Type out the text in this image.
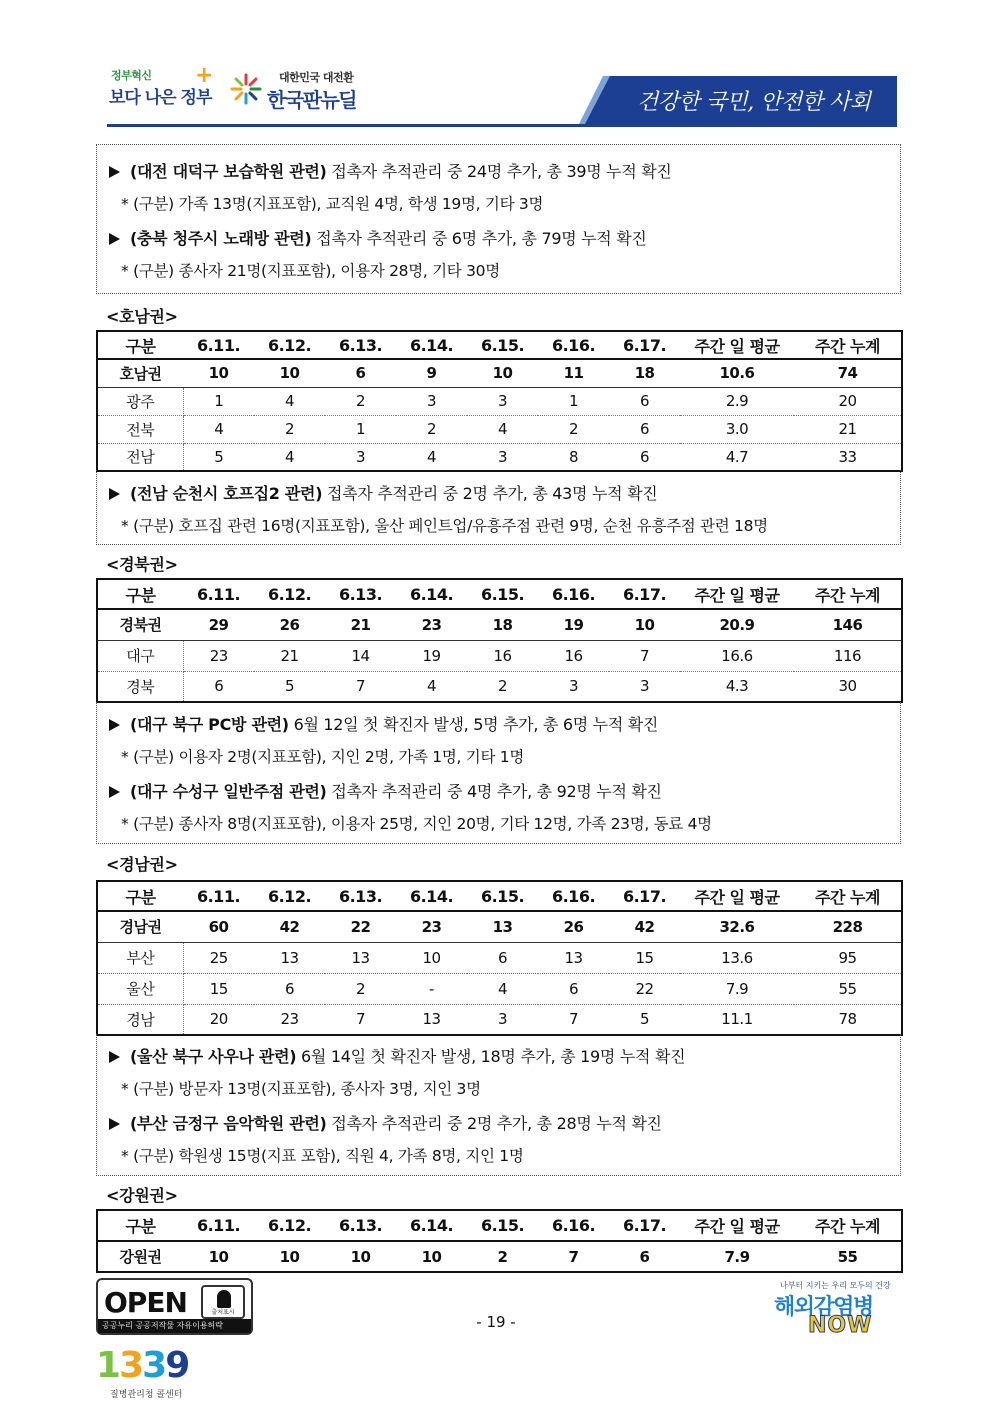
정부혁신
보다 나은 정부
+	대한민국 대전환
한국판뉴딜	건강한 국민, 안전한 사회
(대전 대덕구 보습학원 관련) 접촉자 추적관리 중 24명 추가, 총 39명 누적 확진
* (구분) 가족 13명(지표포함), 교직원 4명, 학생 19명, 기타 3명
(충북 청주시 노래방 관련) 접촉자 추적관리 중 6명 추가, 총 79명 누적 확진
* (구분) 종사자 21명(지표포함), 이용자 28명, 기타 30명
<호남권>
구분	6.11.	6.12.	6.13.	6.14.	6.15.	6.16.	6.17.	주간 일 평균	주간 누계
호남권	10	10	6	9	10	11	18	10.6	74
광주	1	4	2	3	3	1	6	2.9	20
전북	4	2	1	2	4	2	6	3.0	21
전남	5	4	3	4	3	8	6	4.7	33
(전남 순천시 호프집2 관련) 접촉자 추적관리 중 2명 추가, 총 43명 누적 확진
* (구분) 호프집 관련 16명(지표포함), 울산 페인트업/유흥주점 관련 9명, 순천 유흥주점 관련 18명
<경북권>
구분	6.11.	6.12.	6.13.	6.14.	6.15.	6.16.	6.17.	주간 일 평균	주간 누계
경북권	29	26	21	23	18	19	10	20.9	146
대구	23	21	14	19	16	16	7	16.6	116
경북	6	5	7	4	2	3	3	4.3	30
(대구 북구 PC방 관련) 6월 12일 첫 확진자 발생, 5명 추가, 총 6명 누적 확진
* (구분) 이용자 2명(지표포함), 지인 2명, 가족 1명, 기타 1명
(대구 수성구 일반주점 관련) 접촉자 추적관리 중 4명 추가, 총 92명 누적 확진
* (구분) 종사자 8명(지표포함), 이용자 25명, 지인 20명, 기타 12명, 가족 23명, 동료 4명
<경남권>
구분	6.11.	6.12.	6.13.	6.14.	6.15.	6.16.	6.17.	주간 일 평균	주간 누계
경남권	60	42	22	23	13	26	42	32.6	228
부산	25	13	13	10	6	13	15	13.6	95
울산	15	6	2	-	4	6	22	7.9	55
경남	20	23	7	13	3	7	5	11.1	78
(울산 북구 사우나 관련) 6월 14일 첫 확진자 발생, 18명 추가, 총 19명 누적 확진
* (구분) 방문자 13명(지표포함), 종사자 3명, 지인 3명
(부산 금정구 음악학원 관련) 접촉자 추적관리 중 2명 추가, 총 28명 누적 확진
* (구분) 학원생 15명(지표 포함), 직원 4, 가족 8명, 지인 1명
<강원권>
구분	6.11.	6.12.	6.13.	6.14.	6.15.	6.16.	6.17.	주간 일 평균	주간 누계
강원권	10	10	10	10	2	7	6	7.9	55
OPEN	출처표시
공공누리 공공저작물 자유이용허락	- 19 -
나부터 지키는 우리 모두의 건강
해외감염병
NOW
1339
질병관리청 콜센터
